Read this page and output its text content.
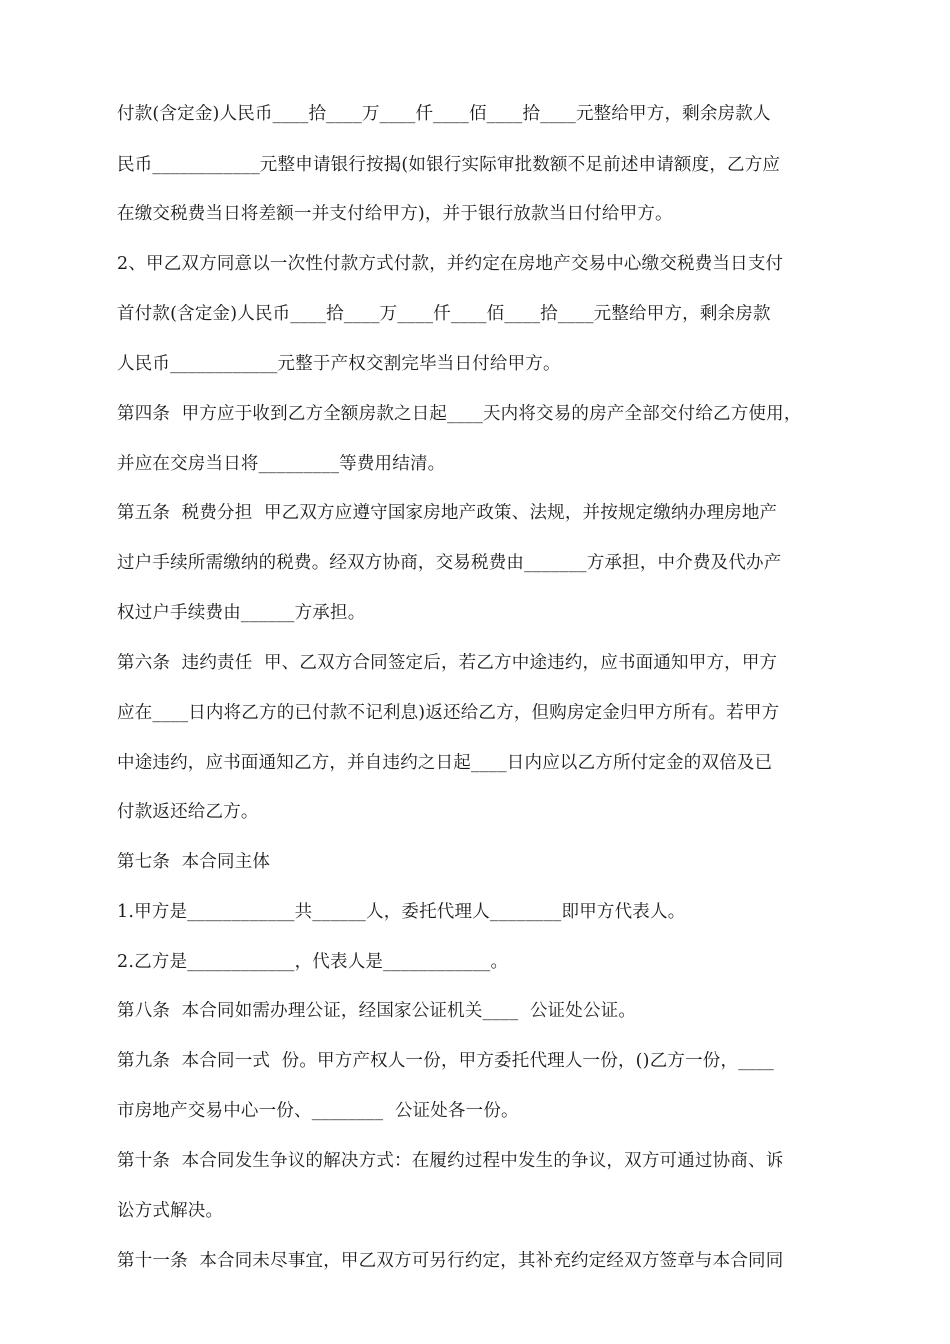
付款(含定金)人民币____拾____万____仟____佰____拾____元整给甲方，剩余房款人
民币____________元整申请银行按揭(如银行实际审批数额不足前述申请额度，乙方应
在缴交税费当日将差额一并支付给甲方)，并于银行放款当日付给甲方。
2、甲乙双方同意以一次性付款方式付款，并约定在房地产交易中心缴交税费当日支付
首付款(含定金)人民币____拾____万____仟____佰____拾____元整给甲方，剩余房款
人民币____________元整于产权交割完毕当日付给甲方。
第四条  甲方应于收到乙方全额房款之日起____天内将交易的房产全部交付给乙方使用，
并应在交房当日将_________等费用结清。
第五条  税费分担  甲乙双方应遵守国家房地产政策、法规，并按规定缴纳办理房地产
过户手续所需缴纳的税费。经双方协商，交易税费由_______方承担，中介费及代办产
权过户手续费由______方承担。
第六条  违约责任  甲、乙双方合同签定后，若乙方中途违约，应书面通知甲方，甲方
应在____日内将乙方的已付款不记利息)返还给乙方，但购房定金归甲方所有。若甲方
中途违约，应书面通知乙方，并自违约之日起____日内应以乙方所付定金的双倍及已
付款返还给乙方。
第七条  本合同主体
1.甲方是____________共______人，委托代理人________即甲方代表人。
2.乙方是____________，代表人是____________。
第八条  本合同如需办理公证，经国家公证机关____  公证处公证。
第九条  本合同一式  份。甲方产权人一份，甲方委托代理人一份，()乙方一份，____
市房地产交易中心一份、________  公证处各一份。
第十条  本合同发生争议的解决方式：在履约过程中发生的争议，双方可通过协商、诉
讼方式解决。
第十一条  本合同未尽事宜，甲乙双方可另行约定，其补充约定经双方签章与本合同同
